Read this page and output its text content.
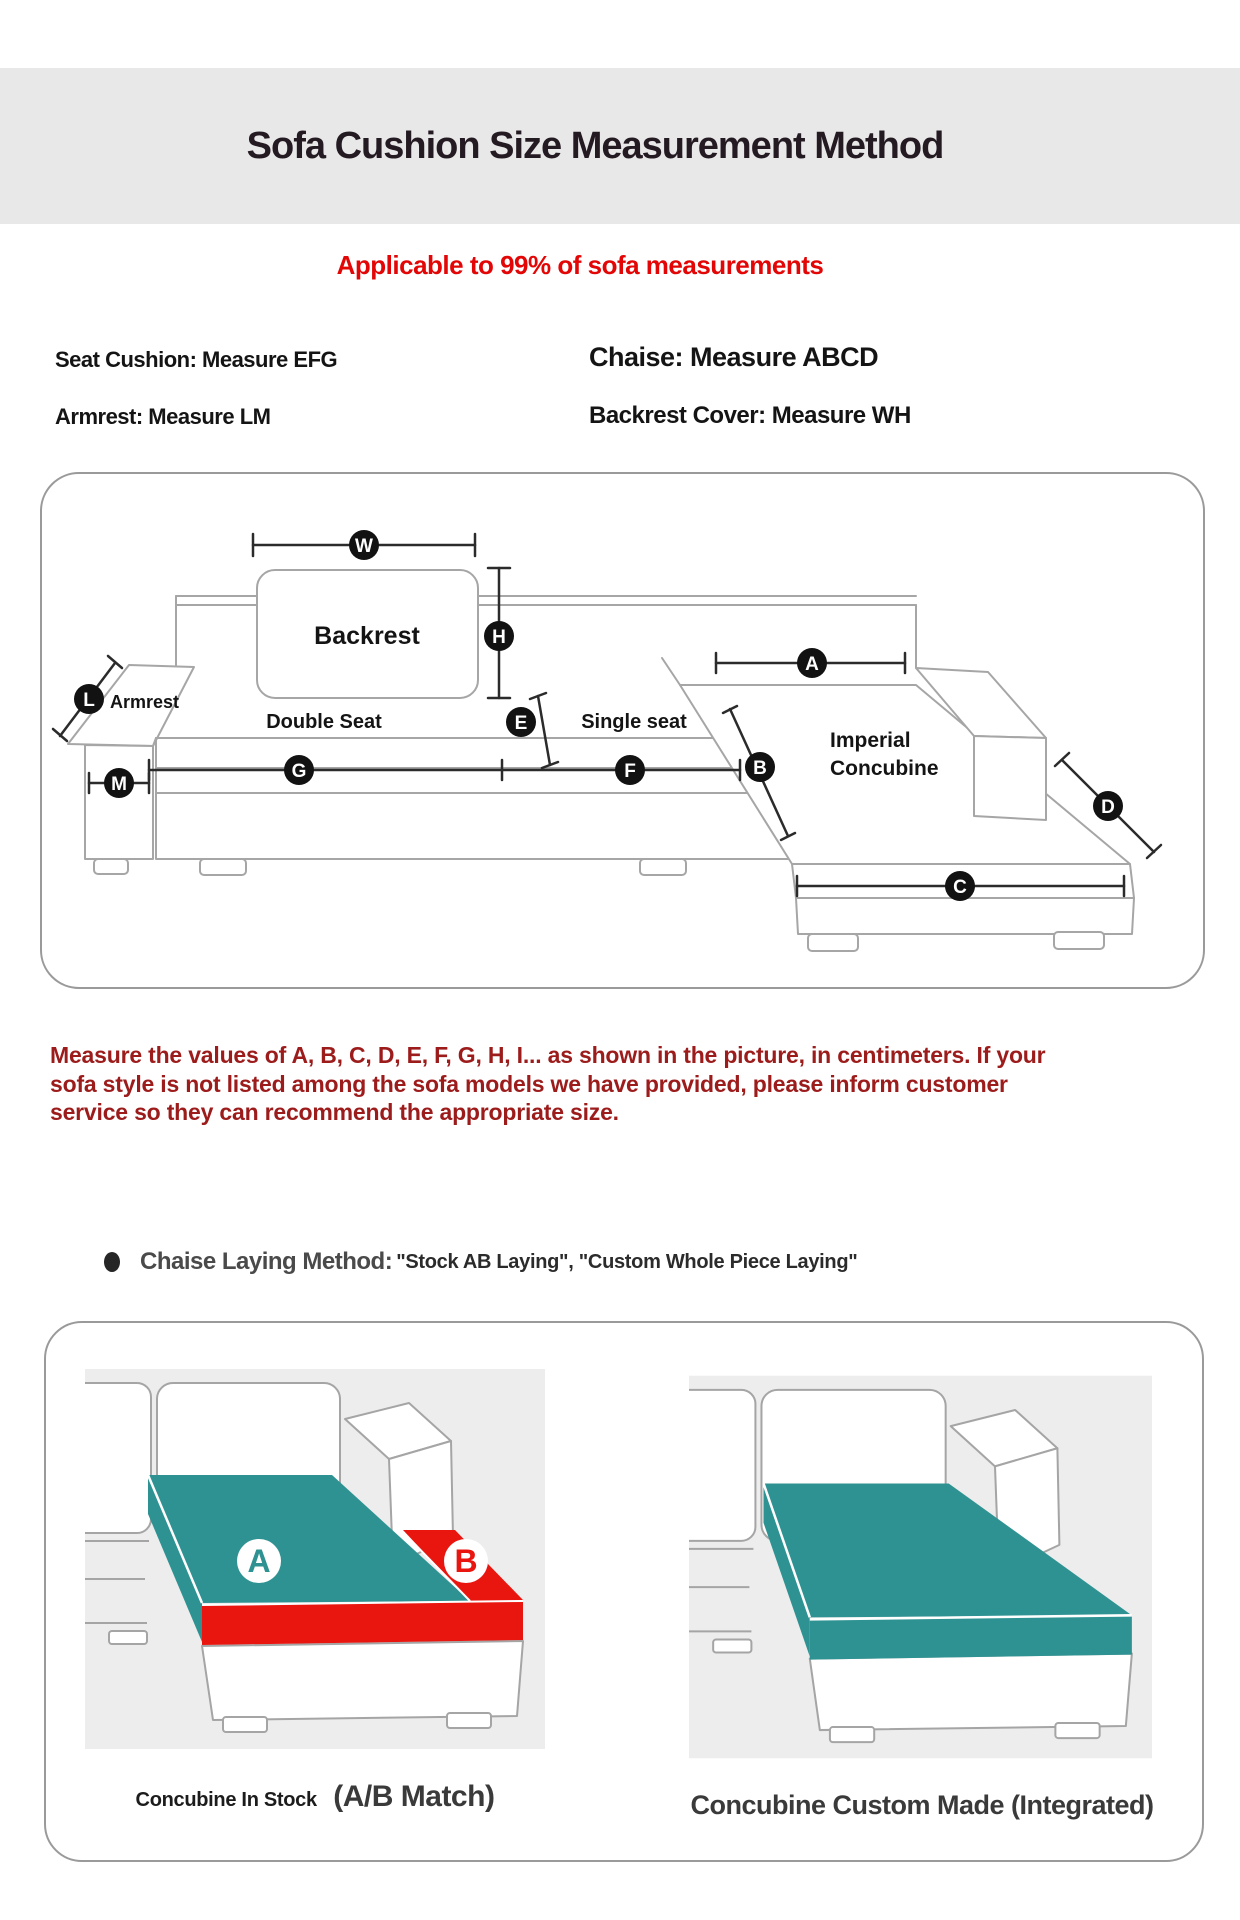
Sofa Cushion Size Measurement Method
Applicable to 99% of sofa measurements
Seat Cushion: Measure EFG	Chaise: Measure ABCD
Armrest: Measure LM	Backrest Cover: Measure WH
W
H
L
M
E
G	F
A
B
C
D
Backrest
Armrest
Double Seat	Single seat
Imperial
Concubine
Measure the values of A, B, C, D, E, F, G, H, I... as shown in the picture, in centimeters. If your
sofa style is not listed among the sofa models we have provided, please inform customer
service so they can recommend the appropriate size.
Chaise Laying Method: "Stock AB Laying", "Custom Whole Piece Laying"
A	B
Concubine In Stock (A/B Match)	Concubine Custom Made (Integrated)
